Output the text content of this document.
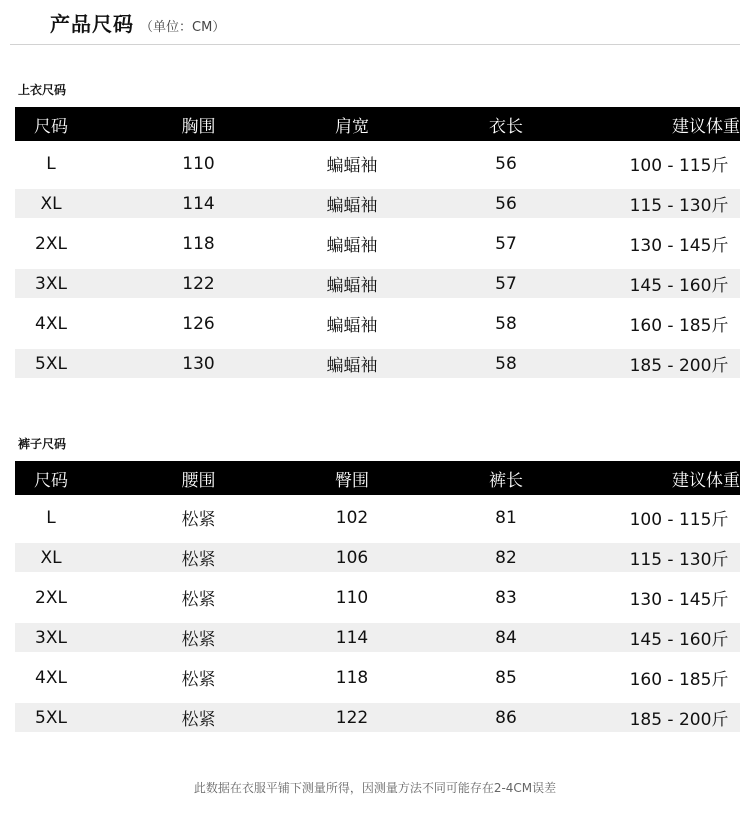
产品尺码 （单位：CM）
上衣尺码
尺码	胸围	肩宽	衣长	建议体重

L	110	蝙蝠袖	56	100 - 115斤

XL	114	蝙蝠袖	56	115 - 130斤

2XL	118	蝙蝠袖	57	130 - 145斤

3XL	122	蝙蝠袖	57	145 - 160斤

4XL	126	蝙蝠袖	58	160 - 185斤

5XL	130	蝙蝠袖	58	185 - 200斤
裤子尺码
尺码	腰围	臀围	裤长	建议体重

L	松紧	102	81	100 - 115斤

XL	松紧	106	82	115 - 130斤

2XL	松紧	110	83	130 - 145斤

3XL	松紧	114	84	145 - 160斤

4XL	松紧	118	85	160 - 185斤

5XL	松紧	122	86	185 - 200斤
此数据在衣服平铺下测量所得，因测量方法不同可能存在2-4CM误差
